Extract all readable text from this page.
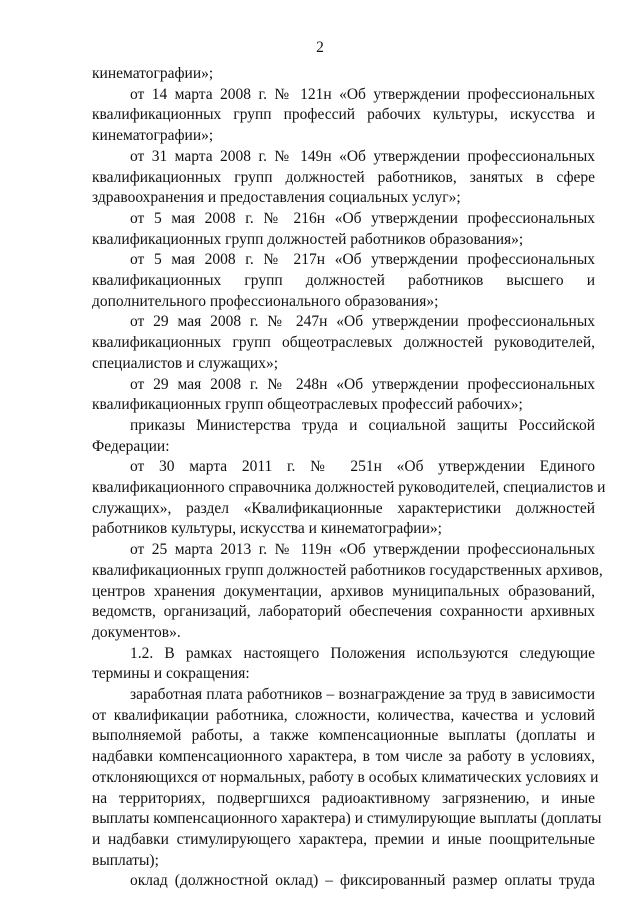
2
кинематографии»;
от 14 марта 2008 г. № 121н «Об утверждении профессиональных
квалификационных групп профессий рабочих культуры, искусства и
кинематографии»;
от 31 марта 2008 г. № 149н «Об утверждении профессиональных
квалификационных групп должностей работников, занятых в сфере
здравоохранения и предоставления социальных услуг»;
от 5 мая 2008 г. № 216н «Об утверждении профессиональных
квалификационных групп должностей работников образования»;
от 5 мая 2008 г. № 217н «Об утверждении профессиональных
квалификационных групп должностей работников высшего и
дополнительного профессионального образования»;
от 29 мая 2008 г. № 247н «Об утверждении профессиональных
квалификационных групп общеотраслевых должностей руководителей,
специалистов и служащих»;
от 29 мая 2008 г. № 248н «Об утверждении профессиональных
квалификационных групп общеотраслевых профессий рабочих»;
приказы Министерства труда и социальной защиты Российской
Федерации:
от 30 марта 2011 г. № 251н «Об утверждении Единого
квалификационного справочника должностей руководителей, специалистов и
служащих», раздел «Квалификационные характеристики должностей
работников культуры, искусства и кинематографии»;
от 25 марта 2013 г. № 119н «Об утверждении профессиональных
квалификационных групп должностей работников государственных архивов,
центров хранения документации, архивов муниципальных образований,
ведомств, организаций, лабораторий обеспечения сохранности архивных
документов».
1.2. В рамках настоящего Положения используются следующие
термины и сокращения:
заработная плата работников – вознаграждение за труд в зависимости
от квалификации работника, сложности, количества, качества и условий
выполняемой работы, а также компенсационные выплаты (доплаты и
надбавки компенсационного характера, в том числе за работу в условиях,
отклоняющихся от нормальных, работу в особых климатических условиях и
на территориях, подвергшихся радиоактивному загрязнению, и иные
выплаты компенсационного характера) и стимулирующие выплаты (доплаты
и надбавки стимулирующего характера, премии и иные поощрительные
выплаты);
оклад (должностной оклад) – фиксированный размер оплаты труда
